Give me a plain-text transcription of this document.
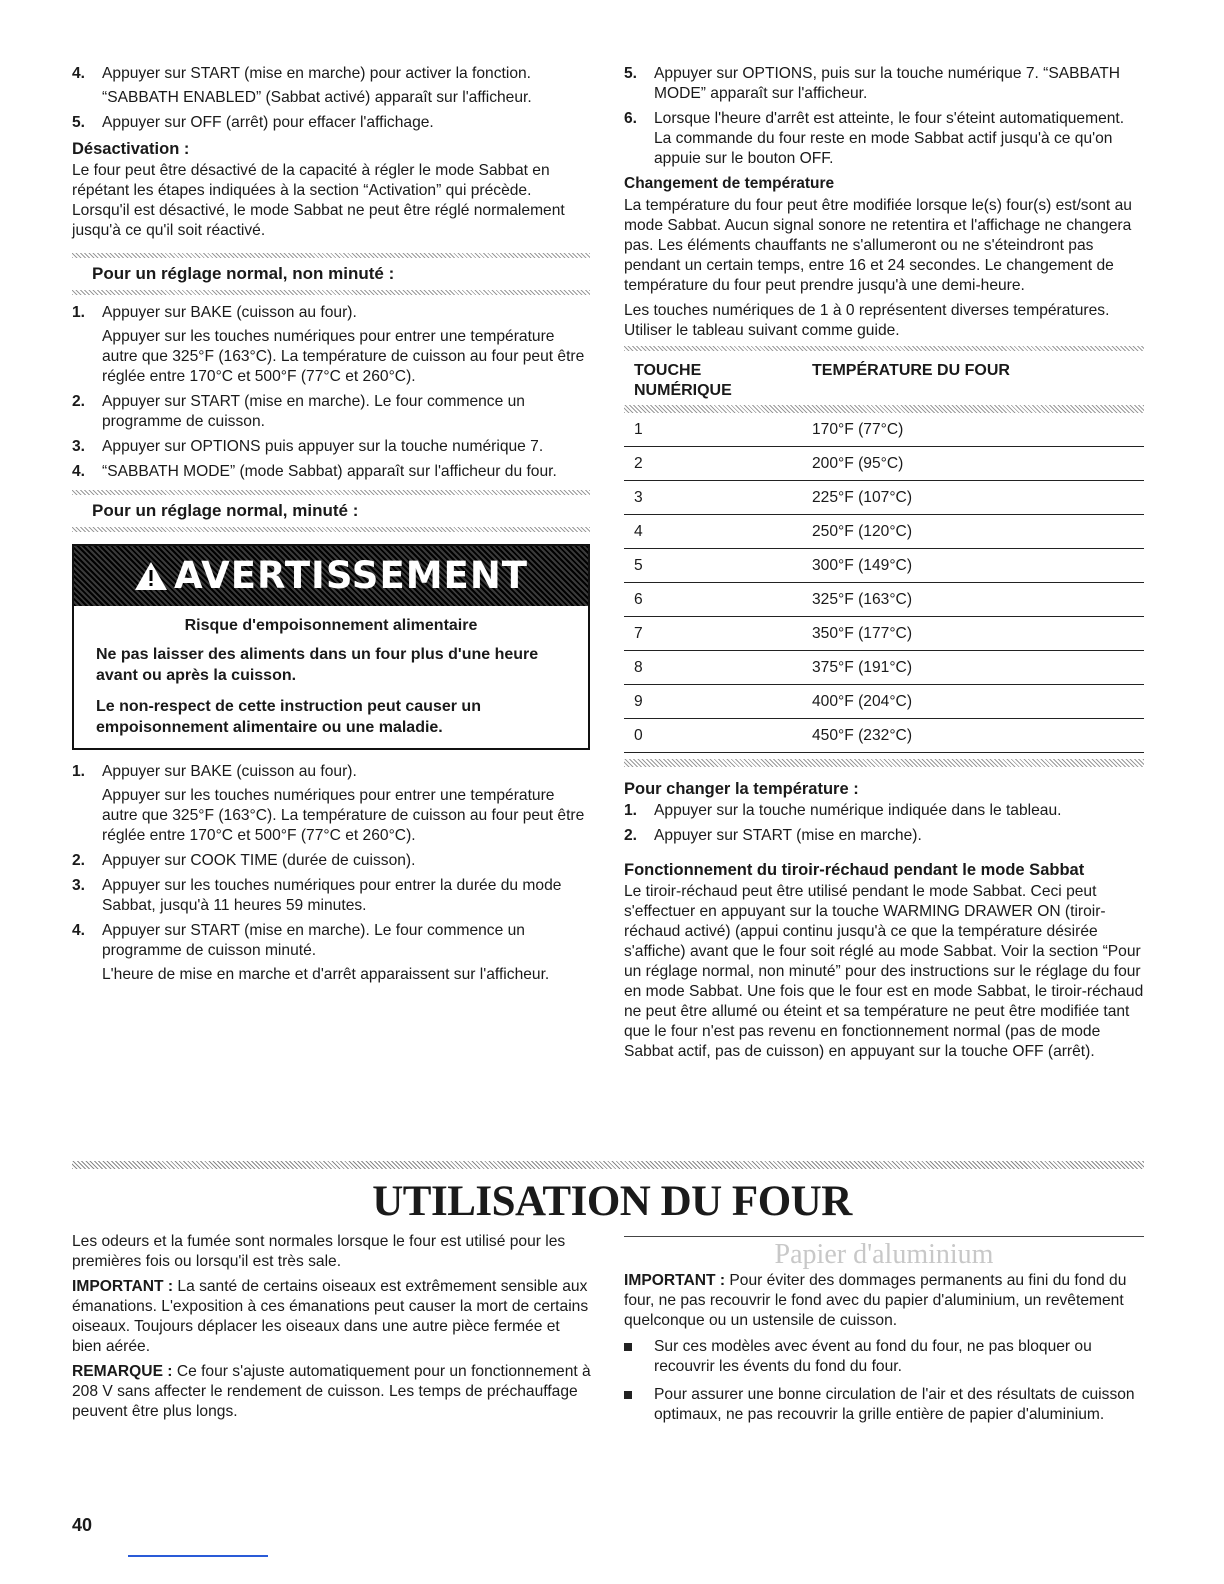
4. Appuyer sur START (mise en marche) pour activer la fonction.

“SABBATH ENABLED” (Sabbat activé) apparaît sur l'afficheur.

5. Appuyer sur OFF (arrêt) pour effacer l'affichage.

Désactivation :

Le four peut être désactivé de la capacité à régler le mode Sabbat en répétant les étapes indiquées à la section “Activation” qui précède. Lorsqu'il est désactivé, le mode Sabbat ne peut être réglé normalement jusqu'à ce qu'il soit réactivé.

Pour un réglage normal, non minuté :
1. Appuyer sur BAKE (cuisson au four).

Appuyer sur les touches numériques pour entrer une température autre que 325°F (163°C). La température de cuisson au four peut être réglée entre 170°C et 500°F (77°C et 260°C).

2. Appuyer sur START (mise en marche). Le four commence un programme de cuisson.

3. Appuyer sur OPTIONS puis appuyer sur la touche numérique 7.

4. “SABBATH MODE” (mode Sabbat) apparaît sur l'afficheur du four.

Pour un réglage normal, minuté :
AVERTISSEMENT
Risque d'empoisonnement alimentaire

Ne pas laisser des aliments dans un four plus d'une heure avant ou après la cuisson.

Le non-respect de cette instruction peut causer un empoisonnement alimentaire ou une maladie.

1. Appuyer sur BAKE (cuisson au four).

Appuyer sur les touches numériques pour entrer une température autre que 325°F (163°C). La température de cuisson au four peut être réglée entre 170°C et 500°F (77°C et 260°C).

2. Appuyer sur COOK TIME (durée de cuisson).

3. Appuyer sur les touches numériques pour entrer la durée du mode Sabbat, jusqu'à 11 heures 59 minutes.

4. Appuyer sur START (mise en marche). Le four commence un programme de cuisson minuté.

L'heure de mise en marche et d'arrêt apparaissent sur l'afficheur.

5. Appuyer sur OPTIONS, puis sur la touche numérique 7. “SABBATH MODE” apparaît sur l'afficheur.

6. Lorsque l'heure d'arrêt est atteinte, le four s'éteint automatiquement. La commande du four reste en mode Sabbat actif jusqu'à ce qu'on appuie sur le bouton OFF.

Changement de température

La température du four peut être modifiée lorsque le(s) four(s) est/sont au mode Sabbat. Aucun signal sonore ne retentira et l'affichage ne changera pas. Les éléments chauffants ne s'allumeront ou ne s'éteindront pas pendant un certain temps, entre 16 et 24 secondes. Le changement de température du four peut prendre jusqu'à une demi-heure.

Les touches numériques de 1 à 0 représentent diverses températures. Utiliser le tableau suivant comme guide.

TOUCHE NUMÉRIQUE	TEMPÉRATURE DU FOUR

1	170°F (77°C)
2	200°F (95°C)
3	225°F (107°C)
4	250°F (120°C)
5	300°F (149°C)
6	325°F (163°C)
7	350°F (177°C)
8	375°F (191°C)
9	400°F (204°C)
0	450°F (232°C)
Pour changer la température :
1. Appuyer sur la touche numérique indiquée dans le tableau.

2. Appuyer sur START (mise en marche).

Fonctionnement du tiroir-réchaud pendant le mode Sabbat

Le tiroir-réchaud peut être utilisé pendant le mode Sabbat. Ceci peut s'effectuer en appuyant sur la touche WARMING DRAWER ON (tiroir-réchaud activé) (appui continu jusqu'à ce que la température désirée s'affiche) avant que le four soit réglé au mode Sabbat. Voir la section “Pour un réglage normal, non minuté” pour des instructions sur le réglage du four en mode Sabbat. Une fois que le four est en mode Sabbat, le tiroir-réchaud ne peut être allumé ou éteint et sa température ne peut être modifiée tant que le four n'est pas revenu en fonctionnement normal (pas de mode Sabbat actif, pas de cuisson) en appuyant sur la touche OFF (arrêt).

UTILISATION DU FOUR

Les odeurs et la fumée sont normales lorsque le four est utilisé pour les premières fois ou lorsqu'il est très sale.

IMPORTANT : La santé de certains oiseaux est extrêmement sensible aux émanations. L'exposition à ces émanations peut causer la mort de certains oiseaux. Toujours déplacer les oiseaux dans une autre pièce fermée et bien aérée.

REMARQUE : Ce four s'ajuste automatiquement pour un fonctionnement à 208 V sans affecter le rendement de cuisson. Les temps de préchauffage peuvent être plus longs.

Papier d'aluminium

IMPORTANT : Pour éviter des dommages permanents au fini du fond du four, ne pas recouvrir le fond avec du papier d'aluminium, un revêtement quelconque ou un ustensile de cuisson.

Sur ces modèles avec évent au fond du four, ne pas bloquer ou recouvrir les évents du fond du four.

Pour assurer une bonne circulation de l'air et des résultats de cuisson optimaux, ne pas recouvrir la grille entière de papier d'aluminium.

40
